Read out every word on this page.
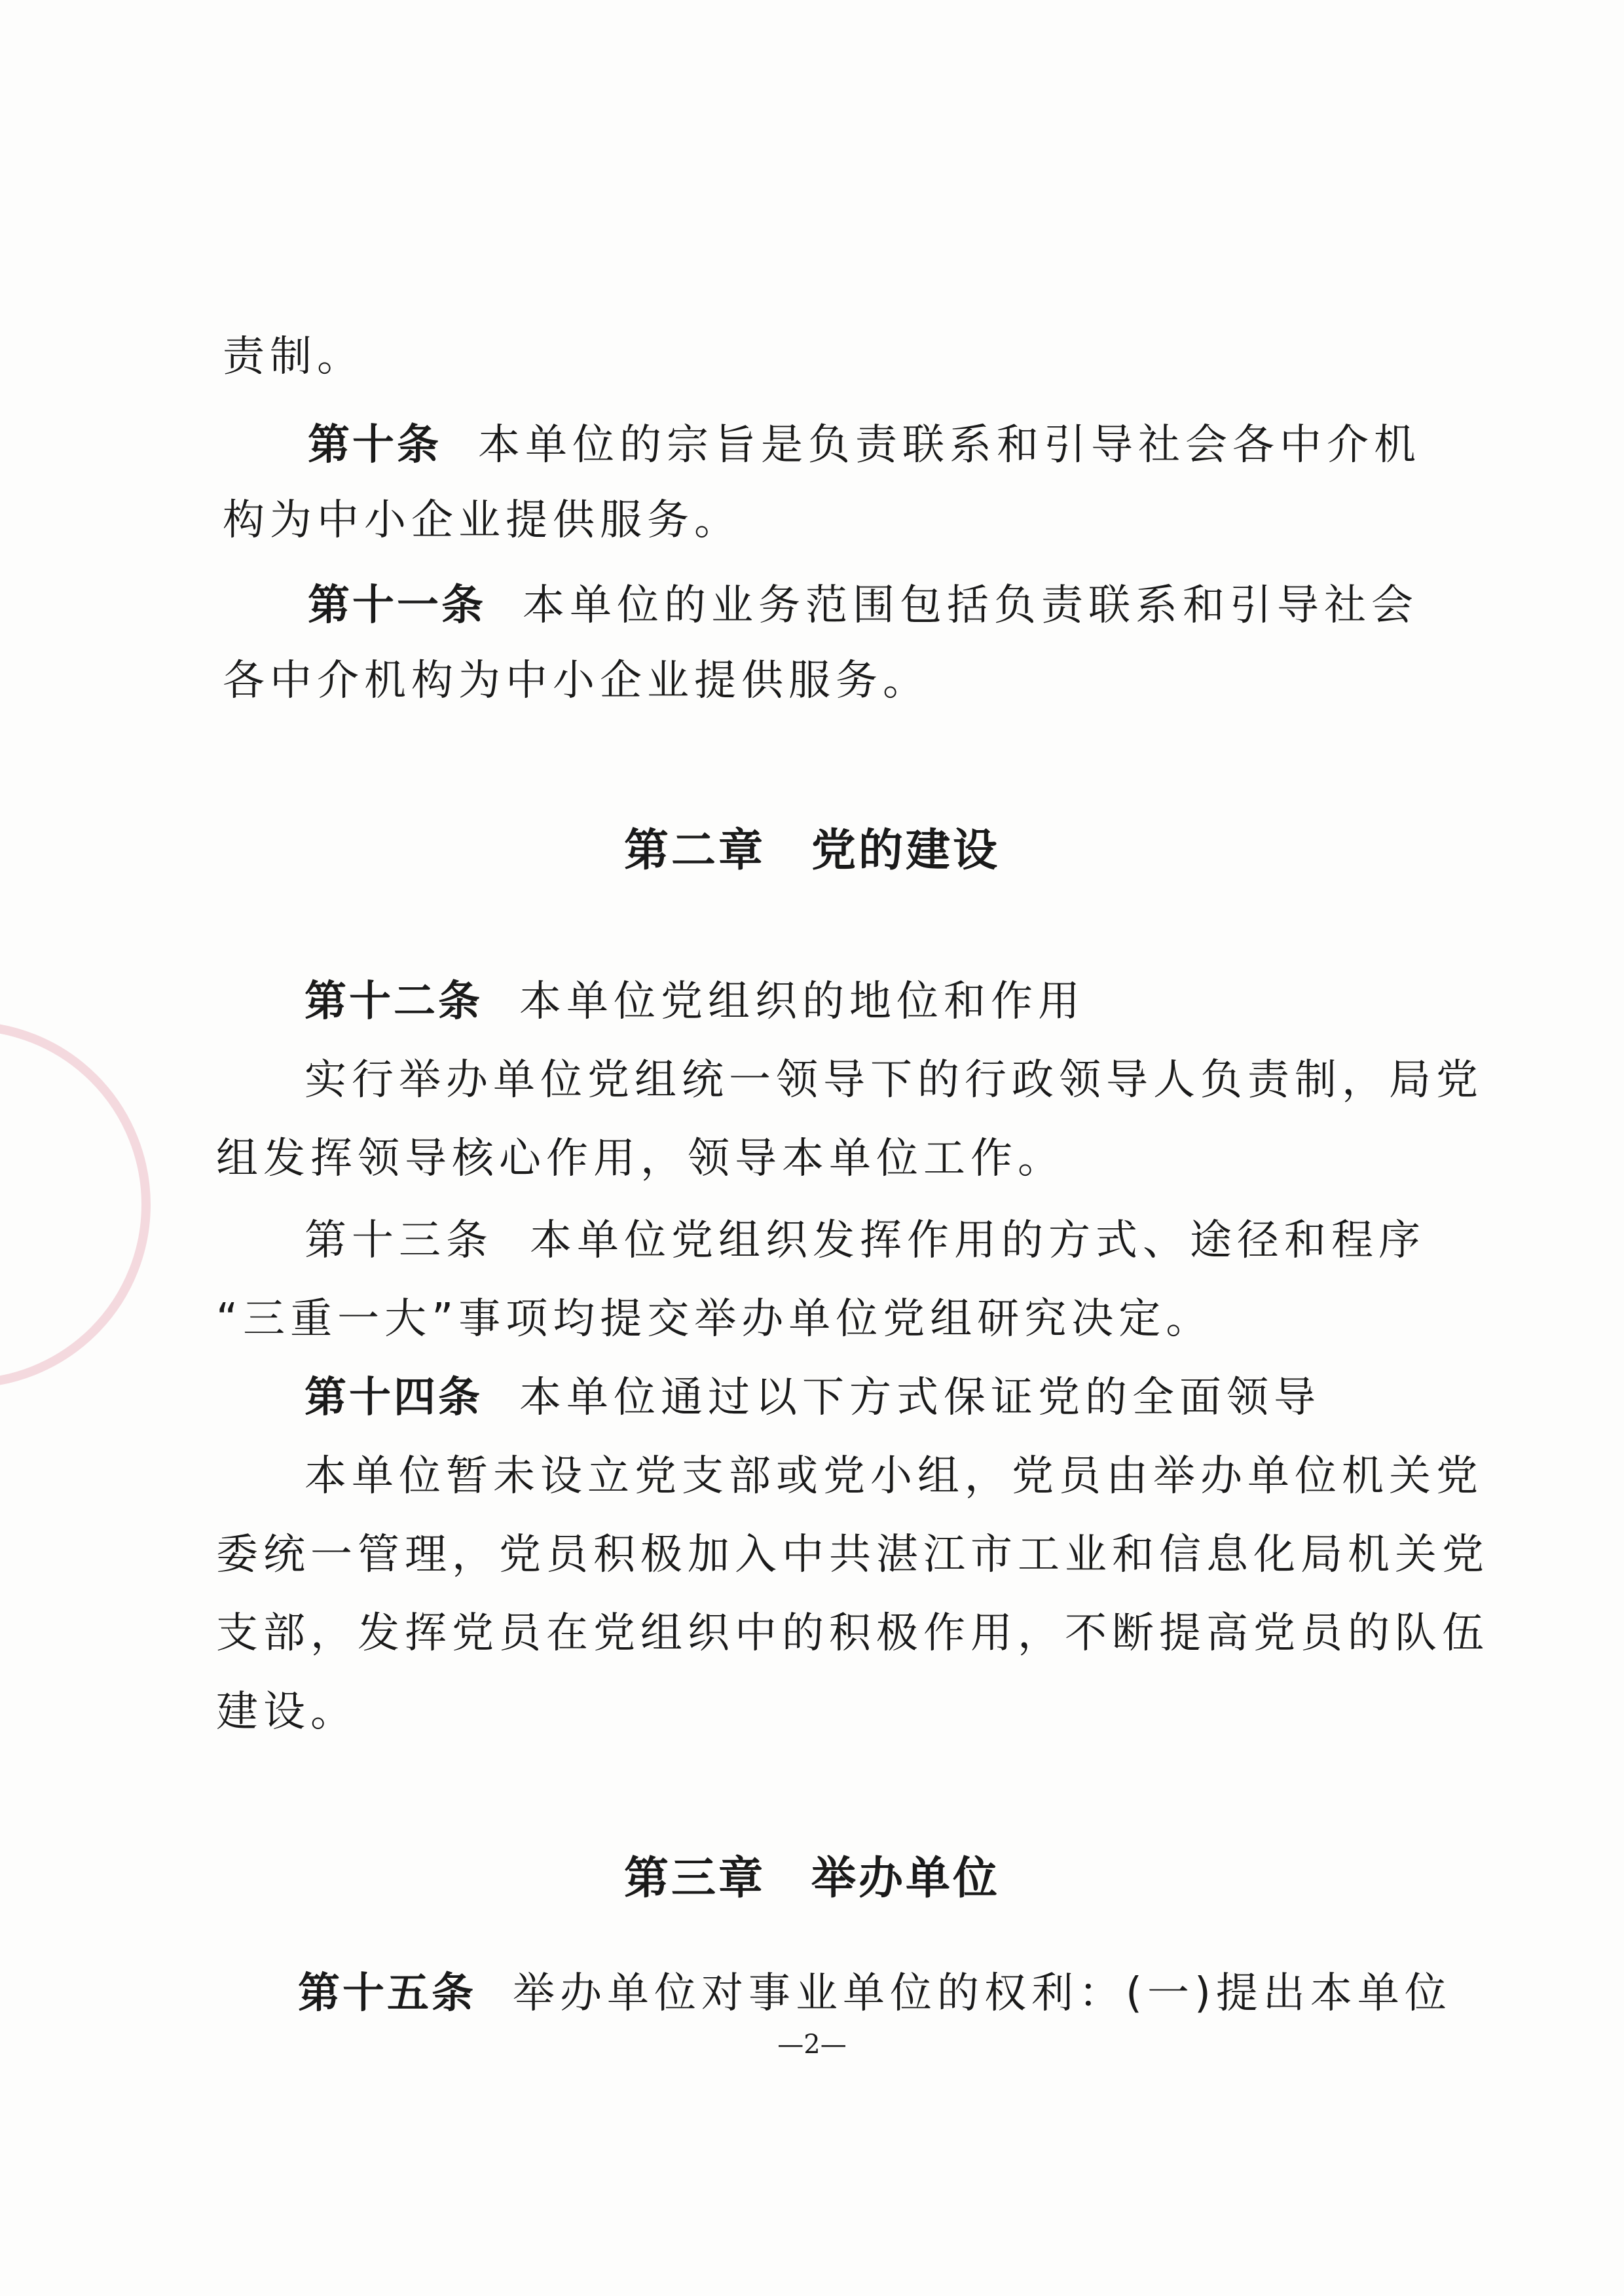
责制。
第十条 本单位的宗旨是负责联系和引导社会各中介机
构为中小企业提供服务。
第十一条 本单位的业务范围包括负责联系和引导社会
各中介机构为中小企业提供服务。
第二章 党的建设
第十二条 本单位党组织的地位和作用
实行举办单位党组统一领导下的行政领导人负责制，局党
组发挥领导核心作用，领导本单位工作。
第十三条 本单位党组织发挥作用的方式、途径和程序
“三重一大”事项均提交举办单位党组研究决定。
第十四条 本单位通过以下方式保证党的全面领导
本单位暂未设立党支部或党小组，党员由举办单位机关党
委统一管理，党员积极加入中共湛江市工业和信息化局机关党
支部，发挥党员在党组织中的积极作用，不断提高党员的队伍
建设。
第三章 举办单位
第十五条 举办单位对事业单位的权利：(一)提出本单位
—2—
